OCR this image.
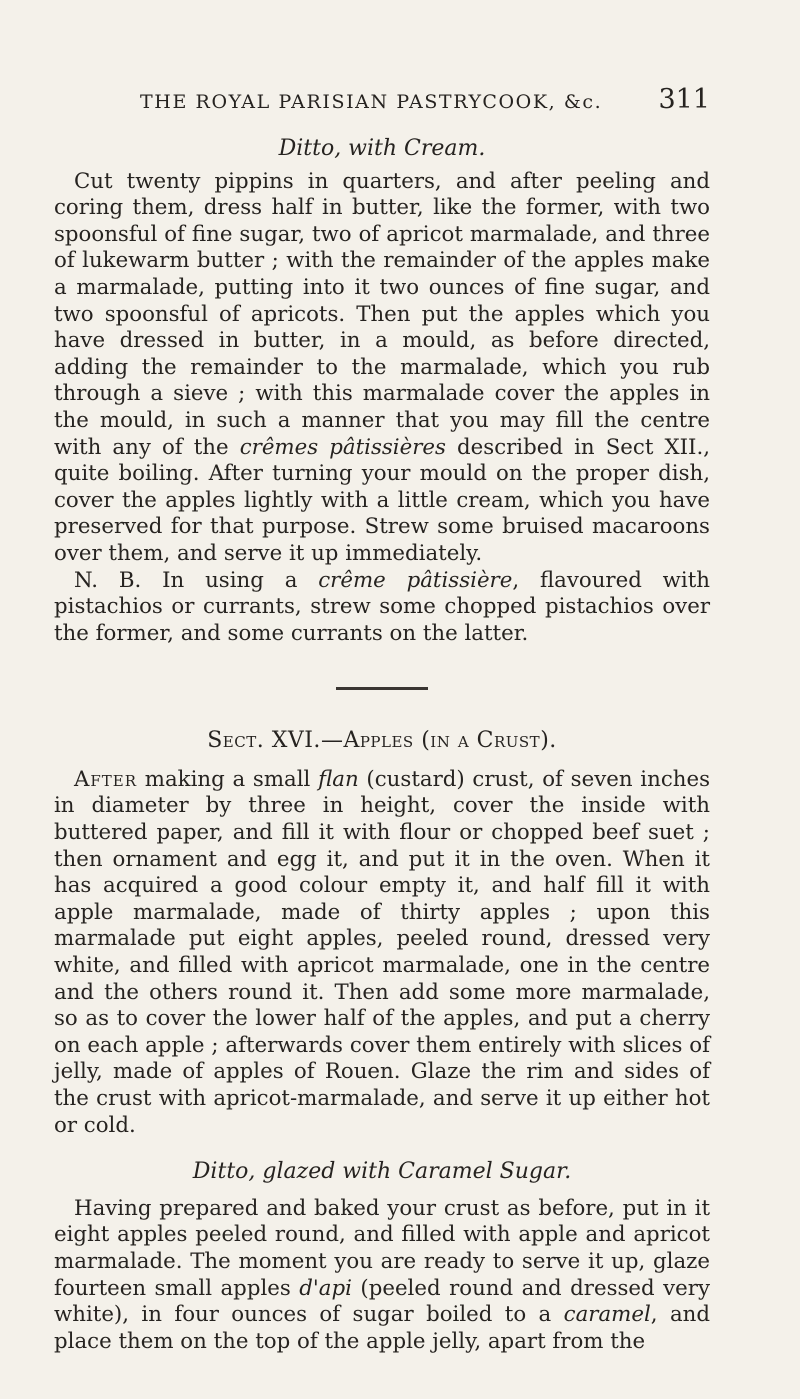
THE ROYAL PARISIAN PASTRYCOOK, &c. 311
Ditto, with Cream.

Cut twenty pippins in quarters, and after peeling and coring them, dress half in butter, like the former, with two spoonsful of fine sugar, two of apricot marmalade, and three of lukewarm butter ; with the remainder of the apples make a marmalade, putting into it two ounces of fine sugar, and two spoonsful of apricots. Then put the apples which you have dressed in butter, in a mould, as before directed, adding the remainder to the marmalade, which you rub through a sieve ; with this marmalade cover the apples in the mould, in such a manner that you may fill the centre with any of the crêmes pâtissières described in Sect XII., quite boiling. After turning your mould on the proper dish, cover the apples lightly with a little cream, which you have preserved for that purpose. Strew some bruised macaroons over them, and serve it up immediately.

N. B. In using a crême pâtissière, flavoured with pistachios or currants, strew some chopped pistachios over the former, and some currants on the latter.

Sect. XVI.—Apples (in a Crust).

After making a small flan (custard) crust, of seven inches in diameter by three in height, cover the inside with buttered paper, and fill it with flour or chopped beef suet ; then ornament and egg it, and put it in the oven. When it has acquired a good colour empty it, and half fill it with apple marmalade, made of thirty apples ; upon this marmalade put eight apples, peeled round, dressed very white, and filled with apricot marmalade, one in the centre and the others round it. Then add some more marmalade, so as to cover the lower half of the apples, and put a cherry on each apple ; afterwards cover them entirely with slices of jelly, made of apples of Rouen. Glaze the rim and sides of the crust with apricot-marmalade, and serve it up either hot or cold.

Ditto, glazed with Caramel Sugar.

Having prepared and baked your crust as before, put in it eight apples peeled round, and filled with apple and apricot marmalade. The moment you are ready to serve it up, glaze fourteen small apples d'api (peeled round and dressed very white), in four ounces of sugar boiled to a caramel, and place them on the top of the apple jelly, apart from the
